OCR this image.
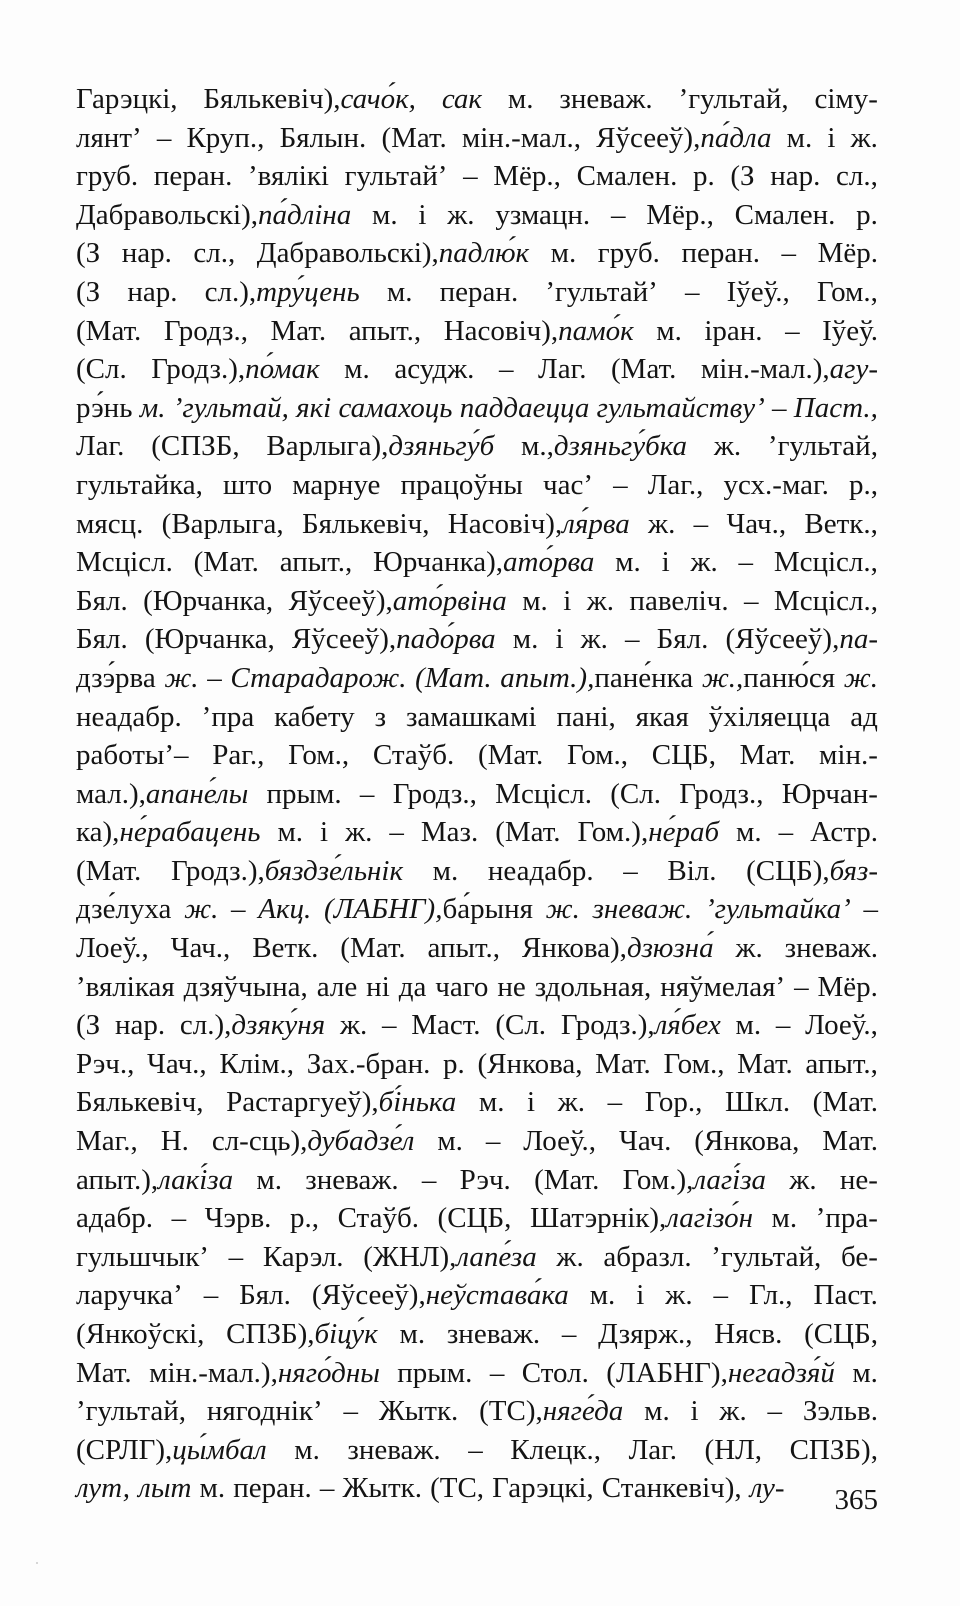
Гарэцкі, Бялькевіч),сачо́к, сак м. зневаж. ’гультай, сіму-
лянт’ – Круп., Бялын. (Мат. мін.-мал., Яўсееў),па́дла м. і ж.
груб. перан. ’вялікі гультай’ – Мёр., Смален. р. (З нар. сл.,
Дабравольскі),па́дліна м. і ж. узмацн. – Мёр., Смален. р.
(З нар. сл., Дабравольскі),падлю́к м. груб. перан. – Мёр.
(З нар. сл.),тру́цень м. перан. ’гультай’ – Іўеў., Гом.,
(Мат. Гродз., Мат. апыт., Насовіч),памо́к м. іран. – Іўеў.
(Сл. Гродз.),по́мак м. асудж. – Лаг. (Мат. мін.-мал.),агу-
рэ́нь м. ’гультай, які самахоць паддаецца гультайству’ – Паст.,
Лаг. (СПЗБ, Варлыга),дзяньгу́б м.,дзяньгу́бка ж. ’гультай,
гультайка, што марнуе працоўны час’ – Лаг., усх.-маг. р.,
мясц. (Варлыга, Бялькевіч, Насовіч),ля́рва ж. – Чач., Ветк.,
Мсцісл. (Мат. апыт., Юрчанка),ато́рва м. і ж. – Мсцісл.,
Бял. (Юрчанка, Яўсееў),ато́рвіна м. і ж. павеліч. – Мсцісл.,
Бял. (Юрчанка, Яўсееў),падо́рва м. і ж. – Бял. (Яўсееў),па-
дзэ́рва ж. – Старадарож. (Мат. апыт.),пане́нка ж.,паню́ся ж.
неадабр. ’пра кабету з замашкамі пані, якая ўхіляецца ад
работы’– Раг., Гом., Стаўб. (Мат. Гом., СЦБ, Мат. мін.-
мал.),апане́лы прым. – Гродз., Мсцісл. (Сл. Гродз., Юрчан-
ка),не́рабацень м. і ж. – Маз. (Мат. Гом.),не́раб м. – Астр.
(Мат. Гродз.),бяздзе́льнік м. неадабр. – Віл. (СЦБ),бяз-
дзе́луха ж. – Акц. (ЛАБНГ),ба́рыня ж. зневаж. ’гультайка’ –
Лоеў., Чач., Ветк. (Мат. апыт., Янкова),дзюзна́ ж. зневаж.
’вялікая дзяўчына, але ні да чаго не здольная, няўмелая’ – Мёр.
(З нар. сл.),дзяку́ня ж. – Маст. (Сл. Гродз.),ля́бех м. – Лоеў.,
Рэч., Чач., Клім., Зах.-бран. р. (Янкова, Мат. Гом., Мат. апыт.,
Бялькевіч, Растаргуеў),бі́нька м. і ж. – Гор., Шкл. (Мат.
Маг., Н. сл-сць),дубадзе́л м. – Лоеў., Чач. (Янкова, Мат.
апыт.),лакі́за м. зневаж. – Рэч. (Мат. Гом.),лагі́за ж. не-
адабр. – Чэрв. р., Стаўб. (СЦБ, Шатэрнік),лагізо́н м. ’пра-
гульшчык’ – Карэл. (ЖНЛ),лапе́за ж. абразл. ’гультай, бе-
ларучка’ – Бял. (Яўсееў),неўстава́ка м. і ж. – Гл., Паст.
(Янкоўскі, СПЗБ),біцу́к м. зневаж. – Дзярж., Нясв. (СЦБ,
Мат. мін.-мал.),няго́дны прым. – Стол. (ЛАБНГ),негадзя́й м.
’гультай, нягоднік’ – Жытк. (ТС),няге́да м. і ж. – Зэльв.
(СРЛГ),цы́мбал м. зневаж. – Клецк., Лаг. (НЛ, СПЗБ),
лут, лыт м. перан. – Жытк. (ТС, Гарэцкі, Станкевіч), лу- 365
